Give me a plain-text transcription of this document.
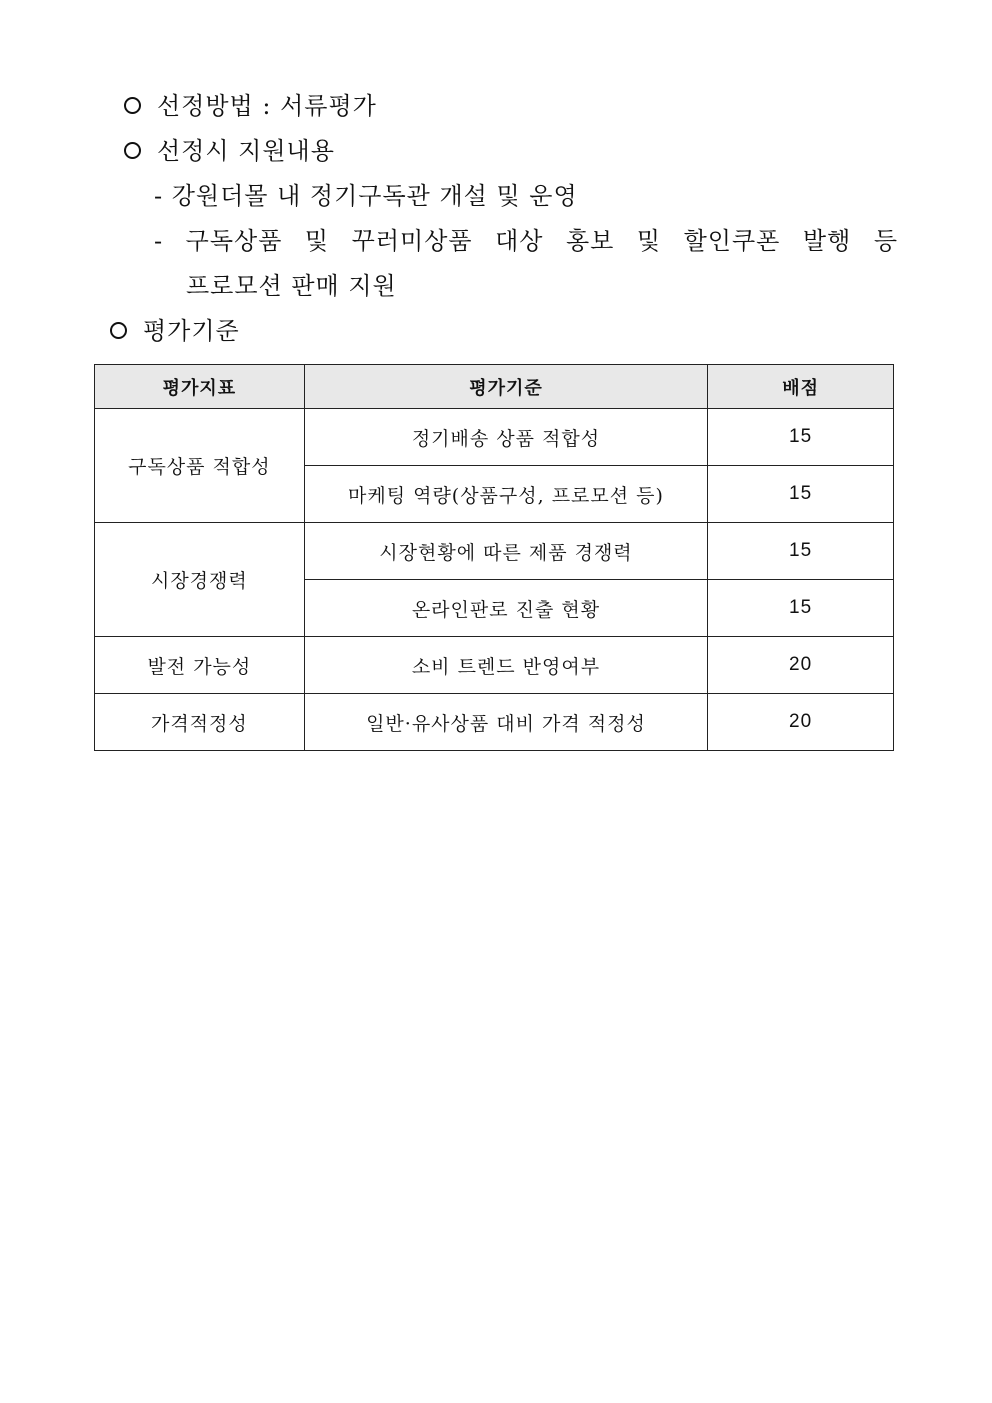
선정방법 : 서류평가
선정시 지원내용
- 강원더몰 내 정기구독관 개설 및 운영
- 구독상품 및 꾸러미상품 대상 홍보 및 할인쿠폰 발행 등
프로모션 판매 지원
평가기준
평가지표	평가기준	배점
구독상품 적합성	정기배송 상품 적합성	15
	마케팅 역량(상품구성, 프로모션 등)	15
시장경쟁력	시장현황에 따른 제품 경쟁력	15
	온라인판로 진출 현황	15
발전 가능성	소비 트렌드 반영여부	20
가격적정성	일반·유사상품 대비 가격 적정성	20
